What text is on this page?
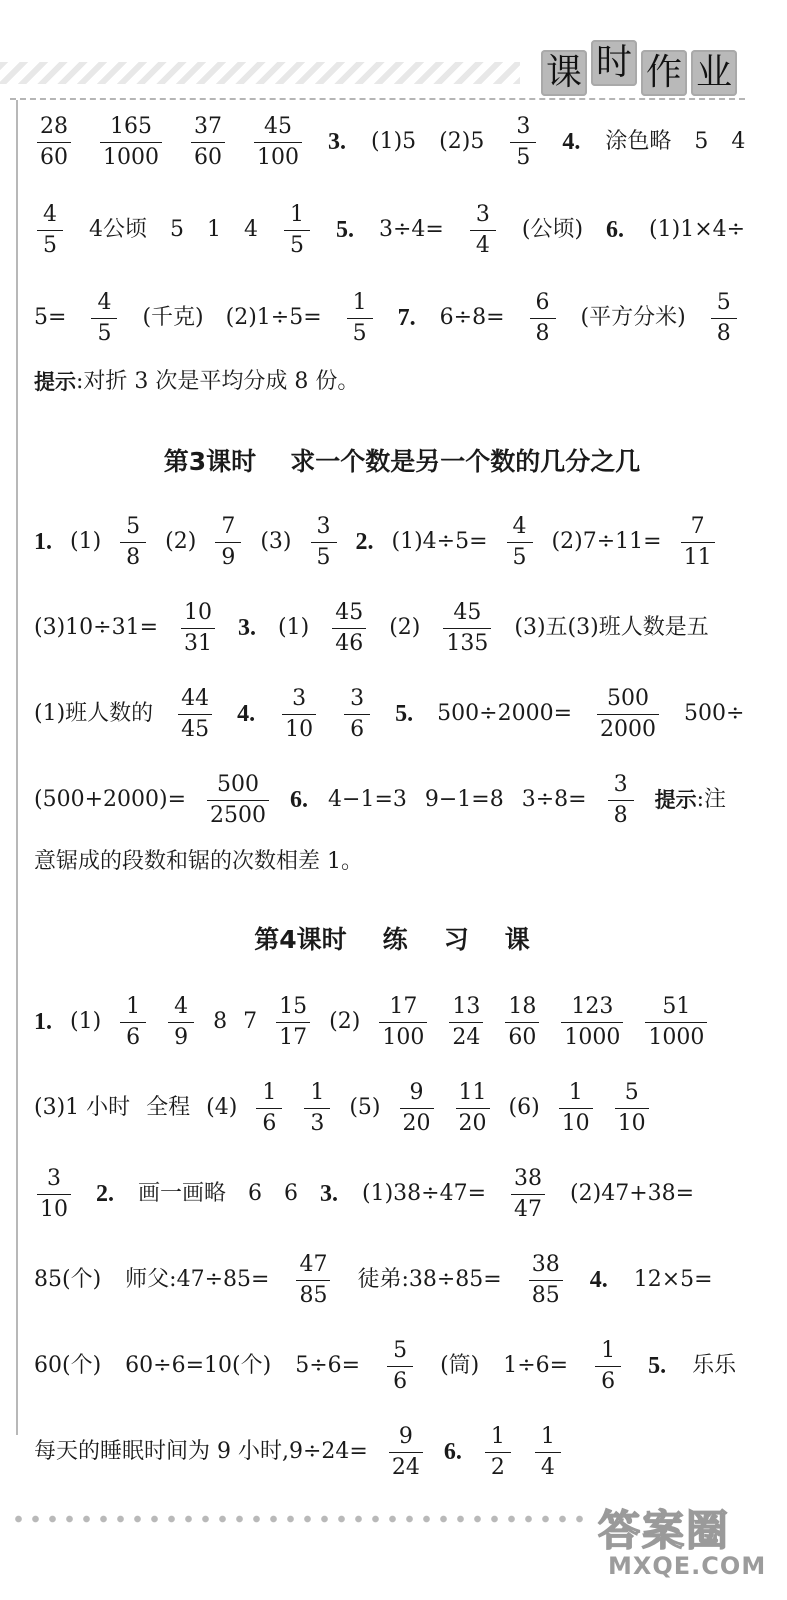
课 时 作 业
$\frac{28}{60} \frac{165}{1000} \frac{37}{60} \frac{45}{100} 3$. (1)5 $(2)5 \frac{3}{5} 4$. 涂色略 5 4
$\frac{4}{5} 4$公顷 5 1 $4 \frac{1}{5} 5$. $3\div 4= \frac{3}{4}$ (公顷) 6. (1)1×4÷
$5= \frac{4}{5}$ (千克) $(2)1\div 5= \frac{1}{5} 7$. $6\div 8= \frac{6}{8}$ (平方分米) $\frac{5}{8}$
提示 :对折 3 次是平均分成 8 份。
第3课时 求一个数是另一个数的几分之几
1. $(1) \frac{5}{8} (2) \frac{7}{9} (3) \frac{3}{5} 2$. $(1)4\div 5= \frac{4}{5} (2)7\div 11= \frac{7}{11}$
$(3)10\div 31= \frac{10}{31} 3$. $(1) \frac{45}{46} (2) \frac{45}{135} (3)$五(3)班人数是五
(1)班人数的 $\frac{44}{45} 4$. $\frac{3}{10} \frac{3}{6} 5$. $500\div 2000= \frac{500}{2000} 500\div$
$(500+2000)= \frac{500}{2500} 6$. 4−1=3 9−1=8 $3\div 8= \frac{3}{8}$ 提示 :注
意锯成的段数和锯的次数相差 1。
第4课时 练 习 课
1. $(1) \frac{1}{6} \frac{4}{9} 8$ $7 \frac{15}{17} (2) \frac{17}{100} \frac{13}{24} \frac{18}{60} \frac{123}{1000} \frac{51}{1000}$
(3)1 小时 全程 $(4) \frac{1}{6} \frac{1}{3} (5) \frac{9}{20} \frac{11}{20} (6) \frac{1}{10} \frac{5}{10}$
$\frac{3}{10} 2$. 画一画略 6 6 3. $(1)38\div 47= \frac{38}{47} (2)47+38=$
85(个) 师父:47÷85= $\frac{47}{85}$ 徒弟:38÷85= $\frac{38}{85} 4$. 12×5=
60(个) 60÷6=10(个) $5\div 6= \frac{5}{6}$ (筒) $1\div 6= \frac{1}{6} 5$. 乐乐
每天的睡眠时间为 9 小时$,9\div 24= \frac{9}{24} 6$. $\frac{1}{2} \frac{1}{4}$
答案圈
MXQE.COM
